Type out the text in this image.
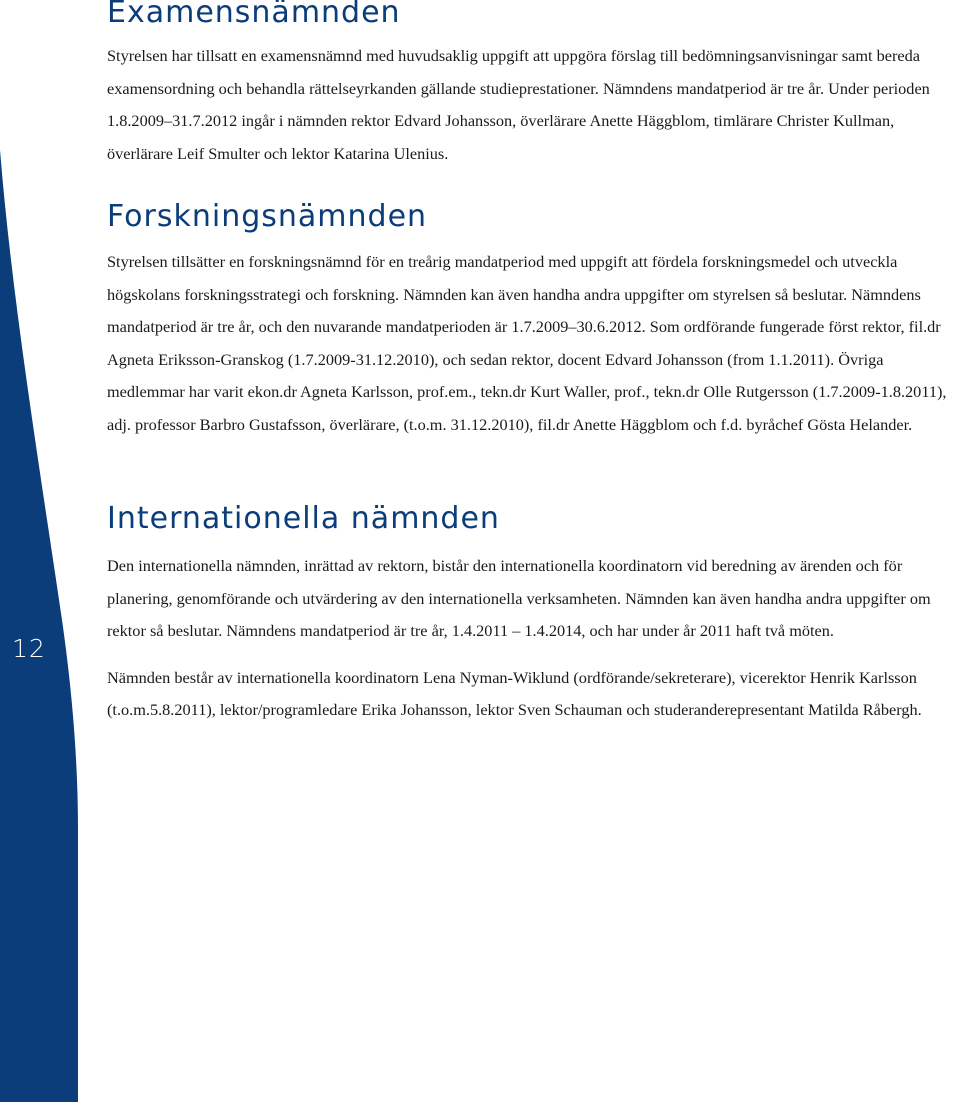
12
Examensnämnden

Styrelsen har tillsatt en examensnämnd med huvudsaklig uppgift att uppgöra förslag till bedömningsanvisningar samt bereda examensordning och behandla rättelseyrkanden gällande studieprestationer. Nämndens mandatperiod är tre år. Under perioden 1.8.2009–31.7.2012 ingår i nämnden rektor Edvard Johansson, överlärare Anette Häggblom, timlärare Christer Kullman, överlärare Leif Smulter och lektor Katarina Ulenius.

Forskningsnämnden

Styrelsen tillsätter en forskningsnämnd för en treårig mandatperiod med uppgift att fördela forskningsmedel och utveckla högskolans forskningsstrategi och forskning. Nämnden kan även handha andra uppgifter om styrelsen så beslutar. Nämndens mandatperiod är tre år, och den nuvarande mandatperioden är 1.7.2009–30.6.2012. Som ordförande fungerade först rektor, fil.dr Agneta Eriksson-Granskog (1.7.2009-31.12.2010), och sedan rektor, docent Edvard Johansson (from 1.1.2011). Övriga medlemmar har varit ekon.dr Agneta Karlsson, prof.em., tekn.dr Kurt Waller, prof., tekn.dr Olle Rutgersson (1.7.2009-1.8.2011), adj. professor Barbro Gustafsson, överlärare, (t.o.m. 31.12.2010), fil.dr Anette Häggblom och f.d. byråchef Gösta Helander.

Internationella nämnden

Den internationella nämnden, inrättad av rektorn, bistår den internationella koordinatorn vid beredning av ärenden och för planering, genomförande och utvärdering av den internationella verksamheten. Nämnden kan även handha andra uppgifter om rektor så beslutar. Nämndens mandatperiod är tre år, 1.4.2011 – 1.4.2014, och har under år 2011 haft två möten.

Nämnden består av internationella koordinatorn Lena Nyman-Wiklund (ordförande/sekreterare), vicerektor Henrik Karlsson (t.o.m.5.8.2011), lektor/programledare Erika Johansson, lektor Sven Schauman och studeranderepresentant Matilda Råbergh.
